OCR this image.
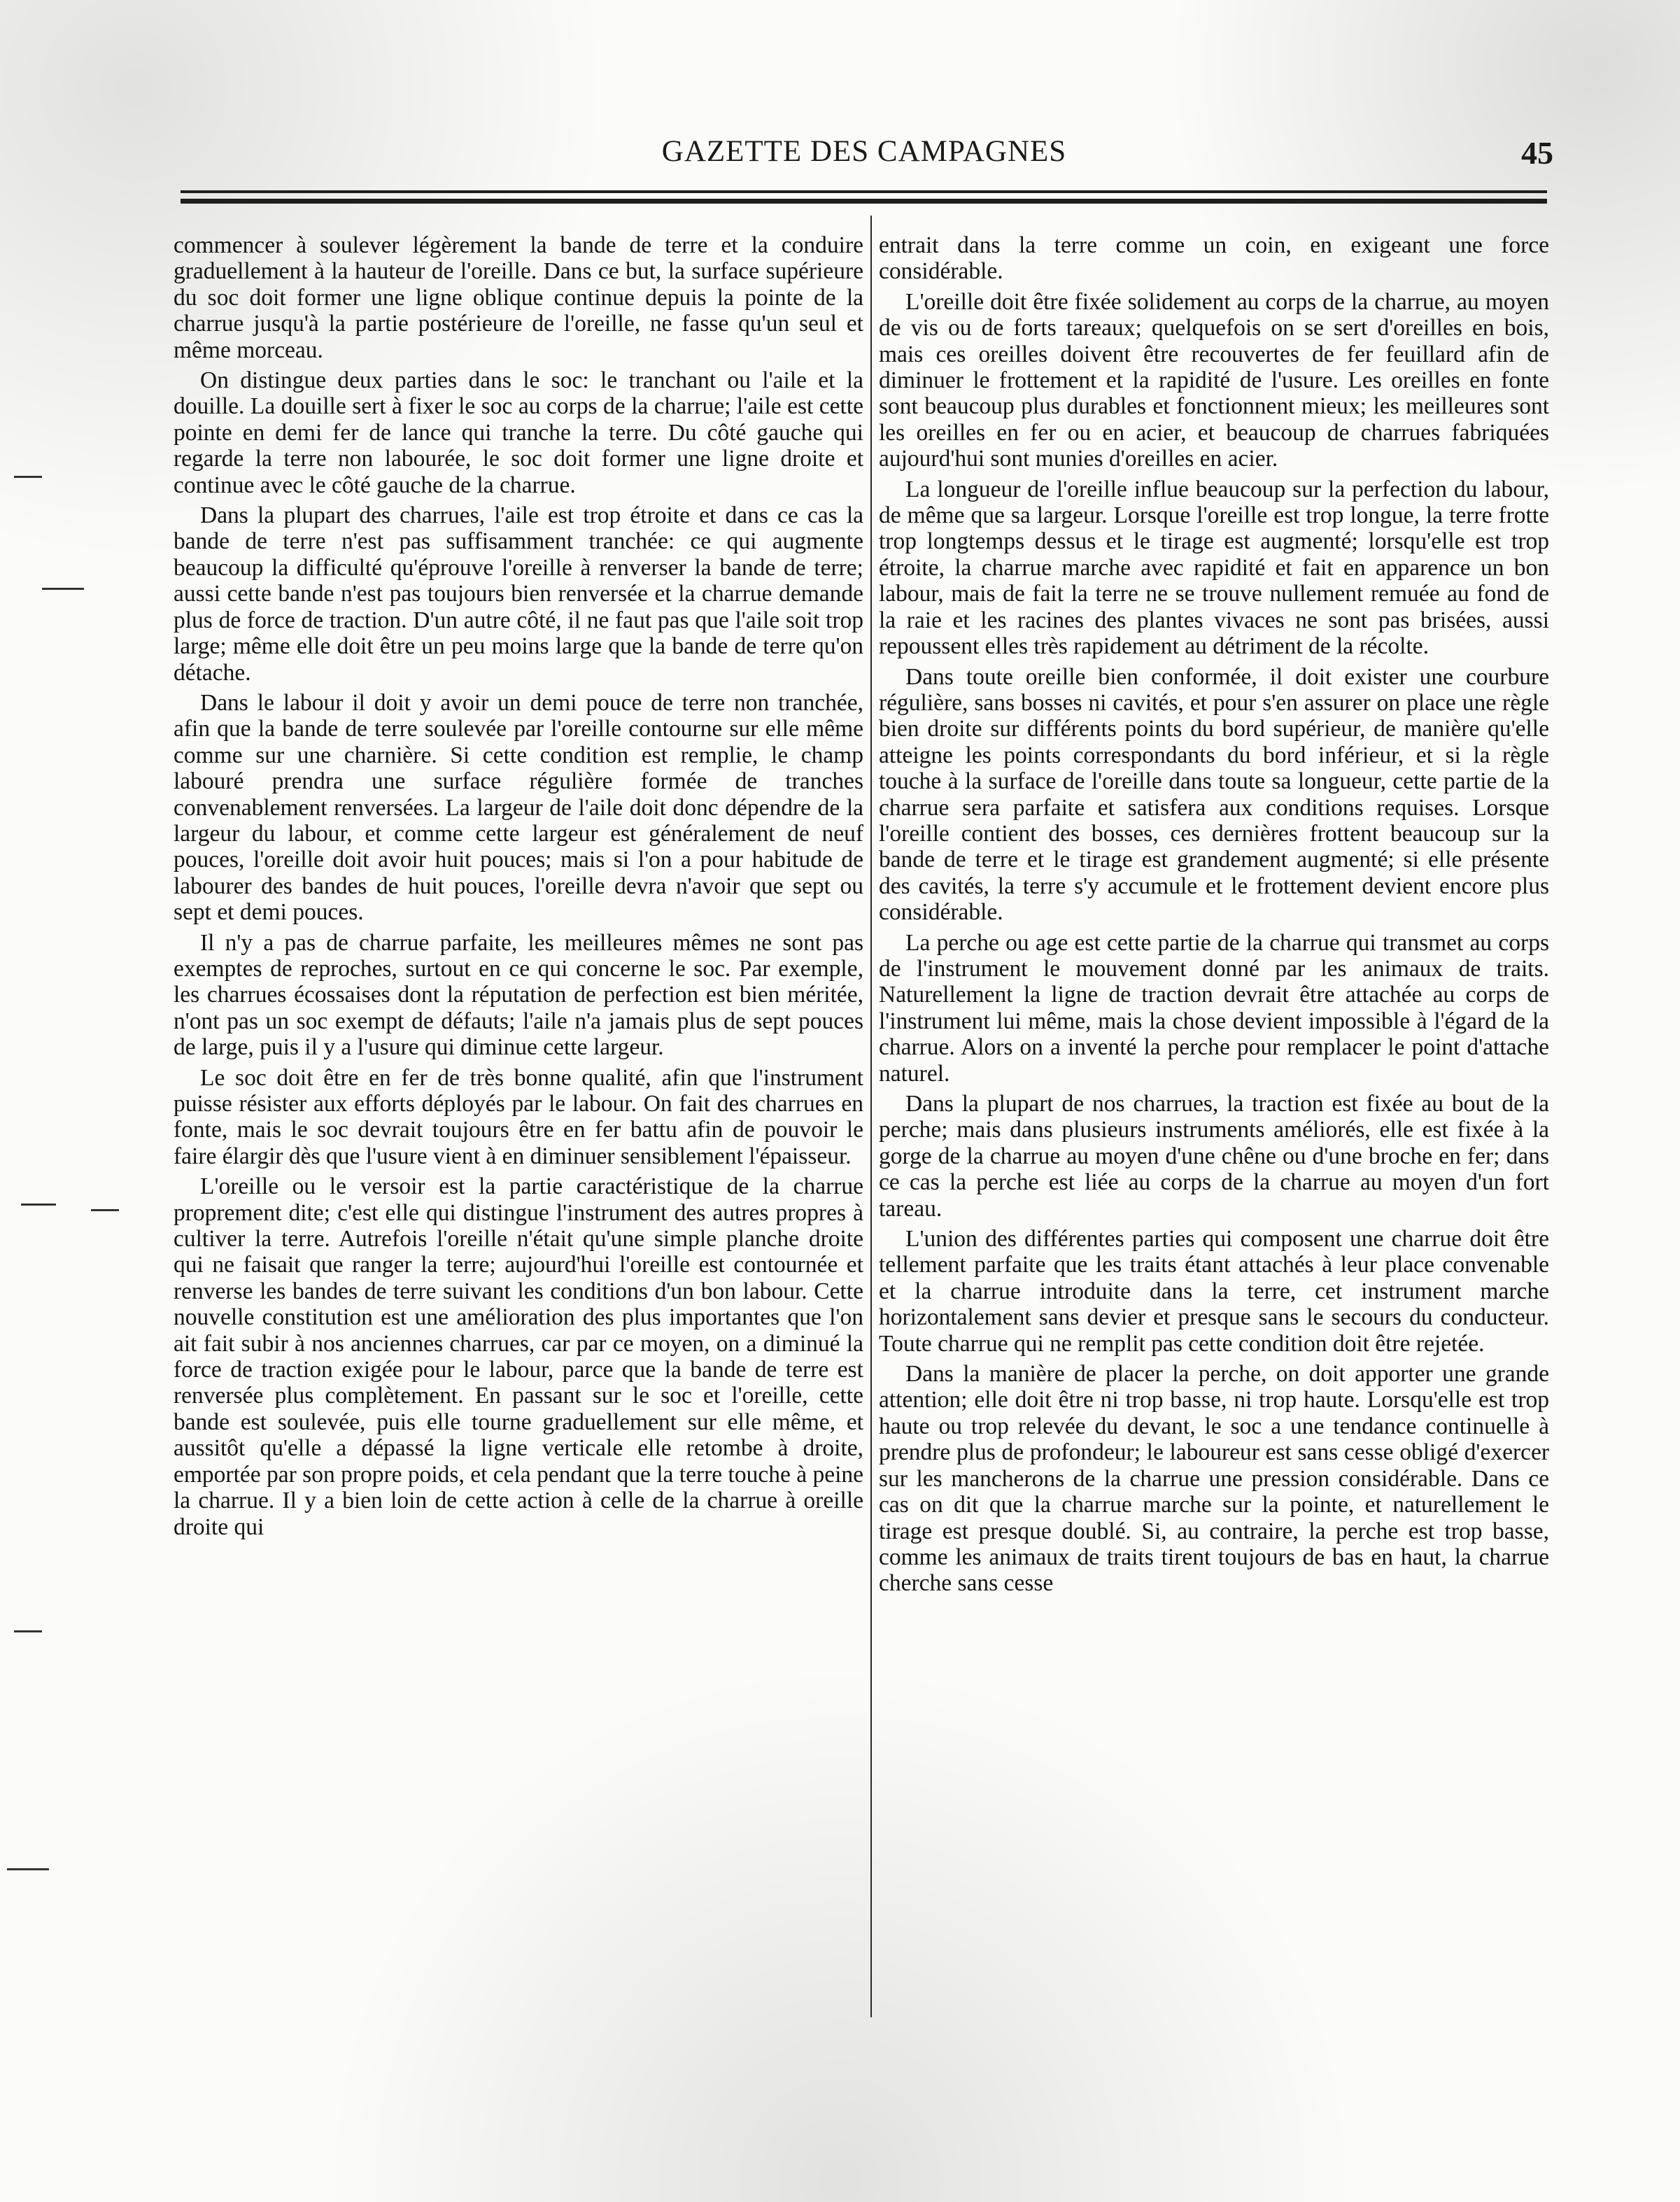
GAZETTE DES CAMPAGNES	45

commencer à soulever légèrement la bande de terre et la conduire graduellement à la hauteur de l'oreille. Dans ce but, la surface supérieure du soc doit former une ligne oblique continue depuis la pointe de la charrue jusqu'à la partie postérieure de l'oreille, ne fasse qu'un seul et même morceau.

On distingue deux parties dans le soc: le tranchant ou l'aile et la douille. La douille sert à fixer le soc au corps de la charrue; l'aile est cette pointe en demi fer de lance qui tranche la terre. Du côté gauche qui regarde la terre non labourée, le soc doit former une ligne droite et continue avec le côté gauche de la charrue.

Dans la plupart des charrues, l'aile est trop étroite et dans ce cas la bande de terre n'est pas suffisamment tranchée: ce qui augmente beaucoup la difficulté qu'éprouve l'oreille à renverser la bande de terre; aussi cette bande n'est pas toujours bien renversée et la charrue demande plus de force de traction. D'un autre côté, il ne faut pas que l'aile soit trop large; même elle doit être un peu moins large que la bande de terre qu'on détache.

Dans le labour il doit y avoir un demi pouce de terre non tranchée, afin que la bande de terre soulevée par l'oreille contourne sur elle même comme sur une charnière. Si cette condition est remplie, le champ labouré prendra une surface régulière formée de tranches convenablement renversées. La largeur de l'aile doit donc dépendre de la largeur du labour, et comme cette largeur est généralement de neuf pouces, l'oreille doit avoir huit pouces; mais si l'on a pour habitude de labourer des bandes de huit pouces, l'oreille devra n'avoir que sept ou sept et demi pouces.

Il n'y a pas de charrue parfaite, les meilleures mêmes ne sont pas exemptes de reproches, surtout en ce qui concerne le soc. Par exemple, les charrues écossaises dont la réputation de perfection est bien méritée, n'ont pas un soc exempt de défauts; l'aile n'a jamais plus de sept pouces de large, puis il y a l'usure qui diminue cette largeur.

Le soc doit être en fer de très bonne qualité, afin que l'instrument puisse résister aux efforts déployés par le labour. On fait des charrues en fonte, mais le soc devrait toujours être en fer battu afin de pouvoir le faire élargir dès que l'usure vient à en diminuer sensiblement l'épaisseur.

L'oreille ou le versoir est la partie caractéristique de la charrue proprement dite; c'est elle qui distingue l'instrument des autres propres à cultiver la terre. Autrefois l'oreille n'était qu'une simple planche droite qui ne faisait que ranger la terre; aujourd'hui l'oreille est contournée et renverse les bandes de terre suivant les conditions d'un bon labour. Cette nouvelle constitution est une amélioration des plus importantes que l'on ait fait subir à nos anciennes charrues, car par ce moyen, on a diminué la force de traction exigée pour le labour, parce que la bande de terre est renversée plus complètement. En passant sur le soc et l'oreille, cette bande est soulevée, puis elle tourne graduellement sur elle même, et aussitôt qu'elle a dépassé la ligne verticale elle retombe à droite, emportée par son propre poids, et cela pendant que la terre touche à peine la charrue. Il y a bien loin de cette action à celle de la charrue à oreille droite qui

entrait dans la terre comme un coin, en exigeant une force considérable.

L'oreille doit être fixée solidement au corps de la charrue, au moyen de vis ou de forts tareaux; quelquefois on se sert d'oreilles en bois, mais ces oreilles doivent être recouvertes de fer feuillard afin de diminuer le frottement et la rapidité de l'usure. Les oreilles en fonte sont beaucoup plus durables et fonctionnent mieux; les meilleures sont les oreilles en fer ou en acier, et beaucoup de charrues fabriquées aujourd'hui sont munies d'oreilles en acier.

La longueur de l'oreille influe beaucoup sur la perfection du labour, de même que sa largeur. Lorsque l'oreille est trop longue, la terre frotte trop longtemps dessus et le tirage est augmenté; lorsqu'elle est trop étroite, la charrue marche avec rapidité et fait en apparence un bon labour, mais de fait la terre ne se trouve nullement remuée au fond de la raie et les racines des plantes vivaces ne sont pas brisées, aussi repoussent elles très rapidement au détriment de la récolte.

Dans toute oreille bien conformée, il doit exister une courbure régulière, sans bosses ni cavités, et pour s'en assurer on place une règle bien droite sur différents points du bord supérieur, de manière qu'elle atteigne les points correspondants du bord inférieur, et si la règle touche à la surface de l'oreille dans toute sa longueur, cette partie de la charrue sera parfaite et satisfera aux conditions requises. Lorsque l'oreille contient des bosses, ces dernières frottent beaucoup sur la bande de terre et le tirage est grandement augmenté; si elle présente des cavités, la terre s'y accumule et le frottement devient encore plus considérable.

La perche ou age est cette partie de la charrue qui transmet au corps de l'instrument le mouvement donné par les animaux de traits. Naturellement la ligne de traction devrait être attachée au corps de l'instrument lui même, mais la chose devient impossible à l'égard de la charrue. Alors on a inventé la perche pour remplacer le point d'attache naturel.

Dans la plupart de nos charrues, la traction est fixée au bout de la perche; mais dans plusieurs instruments améliorés, elle est fixée à la gorge de la charrue au moyen d'une chêne ou d'une broche en fer; dans ce cas la perche est liée au corps de la charrue au moyen d'un fort tareau.

L'union des différentes parties qui composent une charrue doit être tellement parfaite que les traits étant attachés à leur place convenable et la charrue introduite dans la terre, cet instrument marche horizontalement sans devier et presque sans le secours du conducteur. Toute charrue qui ne remplit pas cette condition doit être rejetée.

Dans la manière de placer la perche, on doit apporter une grande attention; elle doit être ni trop basse, ni trop haute. Lorsqu'elle est trop haute ou trop relevée du devant, le soc a une tendance continuelle à prendre plus de profondeur; le laboureur est sans cesse obligé d'exercer sur les mancherons de la charrue une pression considérable. Dans ce cas on dit que la charrue marche sur la pointe, et naturellement le tirage est presque doublé. Si, au contraire, la perche est trop basse, comme les animaux de traits tirent toujours de bas en haut, la charrue cherche sans cesse
